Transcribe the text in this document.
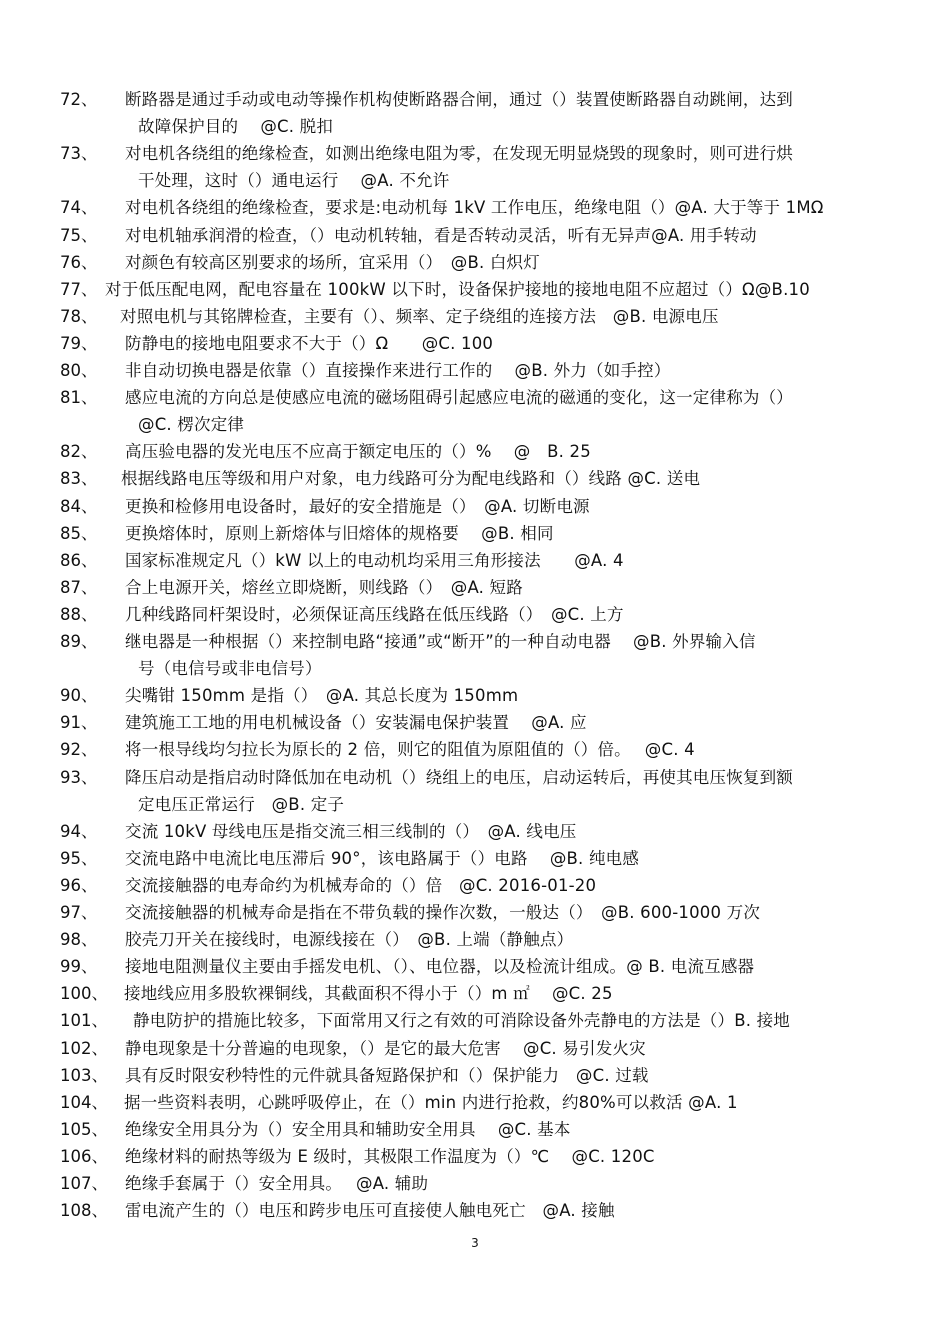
72、 断路器是通过手动或电动等操作机构使断路器合闸，通过（）装置使断路器自动跳闸，达到
故障保护目的　 @C. 脱扣
73、 对电机各绕组的绝缘检查，如测出绝缘电阻为零，在发现无明显烧毁的现象时，则可进行烘
干处理，这时（）通电运行　 @A. 不允许
74、 对电机各绕组的绝缘检查，要求是:电动机每 1kV 工作电压，绝缘电阻（）@A. 大于等于 1MΩ
75、 对电机轴承润滑的检查，（）电动机转轴，看是否转动灵活，听有无异声@A. 用手转动
76、 对颜色有较高区别要求的场所，宜采用（）　@B. 白炽灯
77、 对于低压配电网，配电容量在 100kW 以下时，设备保护接地的接地电阻不应超过（）Ω@B.10
78、 对照电机与其铭牌检查，主要有（）、频率、定子绕组的连接方法　@B. 电源电压
79、 防静电的接地电阻要求不大于（）Ω　　@C. 100
80、 非自动切换电器是依靠（）直接操作来进行工作的　 @B. 外力（如手控）
81、 感应电流的方向总是使感应电流的磁场阻碍引起感应电流的磁通的变化，这一定律称为（）
@C. 楞次定律
82、 高压验电器的发光电压不应高于额定电压的（）%　 @　B. 25
83、 根据线路电压等级和用户对象，电力线路可分为配电线路和（）线路 @C. 送电
84、 更换和检修用电设备时，最好的安全措施是（）　@A. 切断电源
85、 更换熔体时，原则上新熔体与旧熔体的规格要　 @B. 相同
86、 国家标准规定凡（）kW 以上的电动机均采用三角形接法　　@A. 4
87、 合上电源开关，熔丝立即烧断，则线路（）　@A. 短路
88、 几种线路同杆架设时，必须保证高压线路在低压线路（）　@C. 上方
89、 继电器是一种根据（）来控制电路“接通”或“断开”的一种自动电器　 @B. 外界输入信
号（电信号或非电信号）
90、 尖嘴钳 150mm 是指（）　@A. 其总长度为 150mm
91、 建筑施工工地的用电机械设备（）安装漏电保护装置　 @A. 应
92、 将一根导线均匀拉长为原长的 2 倍，则它的阻值为原阻值的（）倍。　 @C. 4
93、 降压启动是指启动时降低加在电动机（）绕组上的电压，启动运转后，再使其电压恢复到额
定电压正常运行　@B. 定子
94、 交流 10kV 母线电压是指交流三相三线制的（）　@A. 线电压
95、 交流电路中电流比电压滞后 90°，该电路属于（）电路　 @B. 纯电感
96、 交流接触器的电寿命约为机械寿命的（）倍　@C. 2016-01-20
97、 交流接触器的机械寿命是指在不带负载的操作次数，一般达（）　@B. 600-1000 万次
98、 胶壳刀开关在接线时，电源线接在（）　@B. 上端（静触点）
99、 接地电阻测量仪主要由手摇发电机、（）、电位器，以及检流计组成。@ B. 电流互感器
100、 接地线应用多股软裸铜线，其截面积不得小于（）m ㎡　 @C. 25
101、 静电防护的措施比较多，下面常用又行之有效的可消除设备外壳静电的方法是（）B. 接地
102、 静电现象是十分普遍的电现象，（）是它的最大危害　 @C. 易引发火灾
103、 具有反时限安秒特性的元件就具备短路保护和（）保护能力　@C. 过载
104、 据一些资料表明，心跳呼吸停止，在（）min 内进行抢救，约80%可以救活 @A. 1
105、 绝缘安全用具分为（）安全用具和辅助安全用具　 @C. 基本
106、 绝缘材料的耐热等级为 E 级时，其极限工作温度为（）℃　 @C. 120C
107、 绝缘手套属于（）安全用具。　 @A. 辅助
108、 雷电流产生的（）电压和跨步电压可直接使人触电死亡　@A. 接触
3
